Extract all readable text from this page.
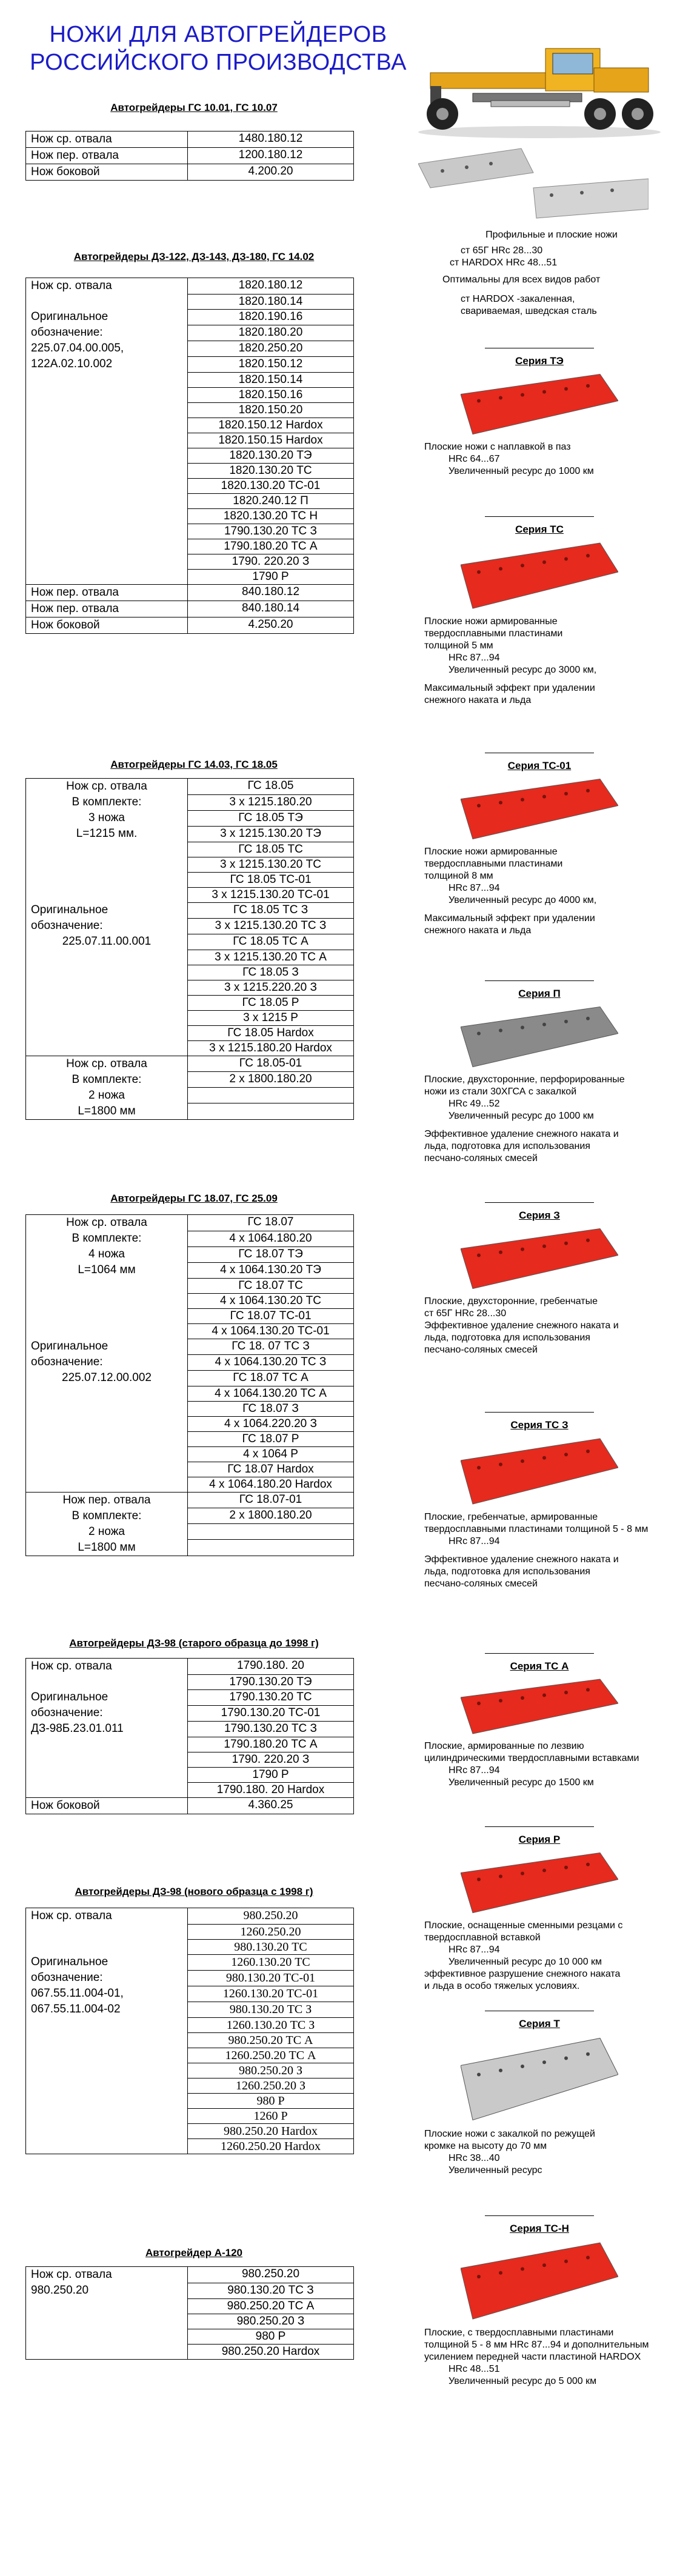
НОЖИ ДЛЯ АВТОГРЕЙДЕРОВ
РОССИЙСКОГО ПРОИЗВОДСТВА
Автогрейдеры ГС 10.01, ГС 10.07
Нож ср. отвала	1480.180.12
Нож пер. отвала	1200.180.12
Нож боковой	4.200.20
Автогрейдеры ДЗ-122, ДЗ-143, ДЗ-180, ГС 14.02
Нож ср. отвала	1820.180.12
	1820.180.14
Оригинальное	1820.190.16
обозначение:	1820.180.20
225.07.04.00.005,	1820.250.20
122А.02.10.002	1820.150.12
	1820.150.14
	1820.150.16
	1820.150.20
	1820.150.12 Hardox
	1820.150.15 Hardox
	1820.130.20 ТЭ
	1820.130.20 ТС
	1820.130.20 ТС-01
	1820.240.12 П
	1820.130.20 ТС Н
	1790.130.20 ТС З
	1790.180.20 ТС А
	1790. 220.20 З
	1790 Р
Нож пер. отвала	840.180.12
Нож пер. отвала	840.180.14
Нож боковой	4.250.20
Автогрейдеры ГС 14.03, ГС 18.05
Нож ср. отвала	ГС 18.05
В комплекте:	3 х 1215.180.20
3 ножа	ГС 18.05 ТЭ
L=1215 мм.	3 х 1215.130.20 ТЭ
	ГС 18.05 ТС
	3 х 1215.130.20 ТС
	ГС 18.05 ТС-01
	3 х 1215.130.20 ТС-01
Оригинальное	ГС 18.05 ТС З
обозначение:	3 х 1215.130.20 ТС З
225.07.11.00.001	ГС 18.05 ТС А
	3 х 1215.130.20 ТС А
	ГС 18.05 З
	3 х 1215.220.20 З
	ГС 18.05 Р
	3 х 1215 Р
	ГС 18.05 Hardox
	3 х 1215.180.20 Hardox
Нож ср. отвала	ГС 18.05-01
В комплекте:	2 х 1800.180.20
2 ножа	
L=1800 мм	
Автогрейдеры ГС 18.07, ГС 25.09
Нож ср. отвала	ГС 18.07
В комплекте:	4 х 1064.180.20
4 ножа	ГС 18.07 ТЭ
L=1064 мм	4 х 1064.130.20 ТЭ
	ГС 18.07 ТС
	4 х 1064.130.20 ТС
	ГС 18.07 ТС-01
	4 х 1064.130.20 ТС-01
Оригинальное	ГС 18. 07 ТС З
обозначение:	4 х 1064.130.20 ТС З
225.07.12.00.002	ГС 18.07 ТС А
	4 х 1064.130.20 ТС А
	ГС 18.07 З
	4 х 1064.220.20 З
	ГС 18.07 Р
	4 х 1064 Р
	ГС 18.07 Hardox
	4 х 1064.180.20 Hardox
Нож пер. отвала	ГС 18.07-01
В комплекте:	2 х 1800.180.20
2 ножа	
L=1800 мм	
Автогрейдеры ДЗ-98 (старого образца до 1998 г)
Нож ср. отвала	1790.180. 20
	1790.130.20 ТЭ
Оригинальное	1790.130.20 ТС
обозначение:	1790.130.20 ТС-01
ДЗ-98Б.23.01.011	1790.130.20 ТС З
	1790.180.20 ТС А
	1790. 220.20 З
	1790 Р
	1790.180. 20 Hardox
Нож боковой	4.360.25
Автогрейдеры ДЗ-98 (нового образца с 1998 г)
Нож ср. отвала	980.250.20
	1260.250.20
	980.130.20 ТС
Оригинальное	1260.130.20 ТС
обозначение:	980.130.20 ТС-01
067.55.11.004-01,	1260.130.20 ТС-01
067.55.11.004-02	980.130.20 ТС З
	1260.130.20 ТС З
	980.250.20 ТС А
	1260.250.20 ТС А
	980.250.20 З
	1260.250.20 З
	980 Р
	1260 Р
	980.250.20 Hardox
	1260.250.20 Hardox
Автогрейдер А-120
Нож ср. отвала	980.250.20
980.250.20	980.130.20 ТС З
	980.250.20 ТС А
	980.250.20 З
	980 Р
	980.250.20 Hardox
Профильные и плоские ножи
ст 65Г HRc 28...30
ст HARDOX HRc 48...51
Оптимальны для всех видов работ
ст HARDOX -закаленная,
свариваемая, шведская сталь
Серия ТЭ
Плоские ножи с наплавкой в паз
HRc 64...67
Увеличенный ресурс до 1000 км
Серия ТС
Плоские ножи армированные
твердосплавными пластинами
толщиной 5 мм
HRc 87...94
Увеличенный ресурс до 3000 км,
Максимальный эффект при удалении
снежного наката и льда
Серия ТС-01
Плоские ножи армированные
твердосплавными пластинами
толщиной 8 мм
HRc 87...94
Увеличенный ресурс до 4000 км,
Максимальный эффект при удалении
снежного наката и льда
Серия П
Плоские, двухсторонние, перфорированные
ножи из стали 30ХГСА с закалкой
HRc 49...52
Увеличенный ресурс до 1000 км
Эффективное удаление снежного наката и
льда, подготовка для использования
песчано-соляных смесей
Серия З
Плоские, двухсторонние, гребенчатые
ст 65Г HRc 28...30
Эффективное удаление снежного наката и
льда, подготовка для использования
песчано-соляных смесей
Серия ТС З
Плоские, гребенчатые, армированные
твердосплавными пластинами толщиной 5 - 8 мм
HRc 87...94
Эффективное удаление снежного наката и
льда, подготовка для использования
песчано-соляных смесей
Серия ТС А
Плоские, армированные по лезвию
цилиндрическими твердосплавными вставками
HRc 87...94
Увеличенный ресурс до 1500 км
Серия Р
Плоские, оснащенные сменными резцами с
твердосплавной вставкой
HRc 87...94
Увеличенный ресурс до 10 000 км
эффективное разрушение снежного наката
и льда в особо тяжелых условиях.
Серия Т
Плоские ножи с закалкой по режущей
кромке на высоту до 70 мм
HRc 38...40
Увеличенный ресурс
Серия ТС-Н
Плоские, с твердосплавными пластинами
толщиной 5 - 8 мм HRc 87...94 и дополнительным
усилением передней части пластиной HARDOX
HRc 48...51
Увеличенный ресурс до 5 000 км
